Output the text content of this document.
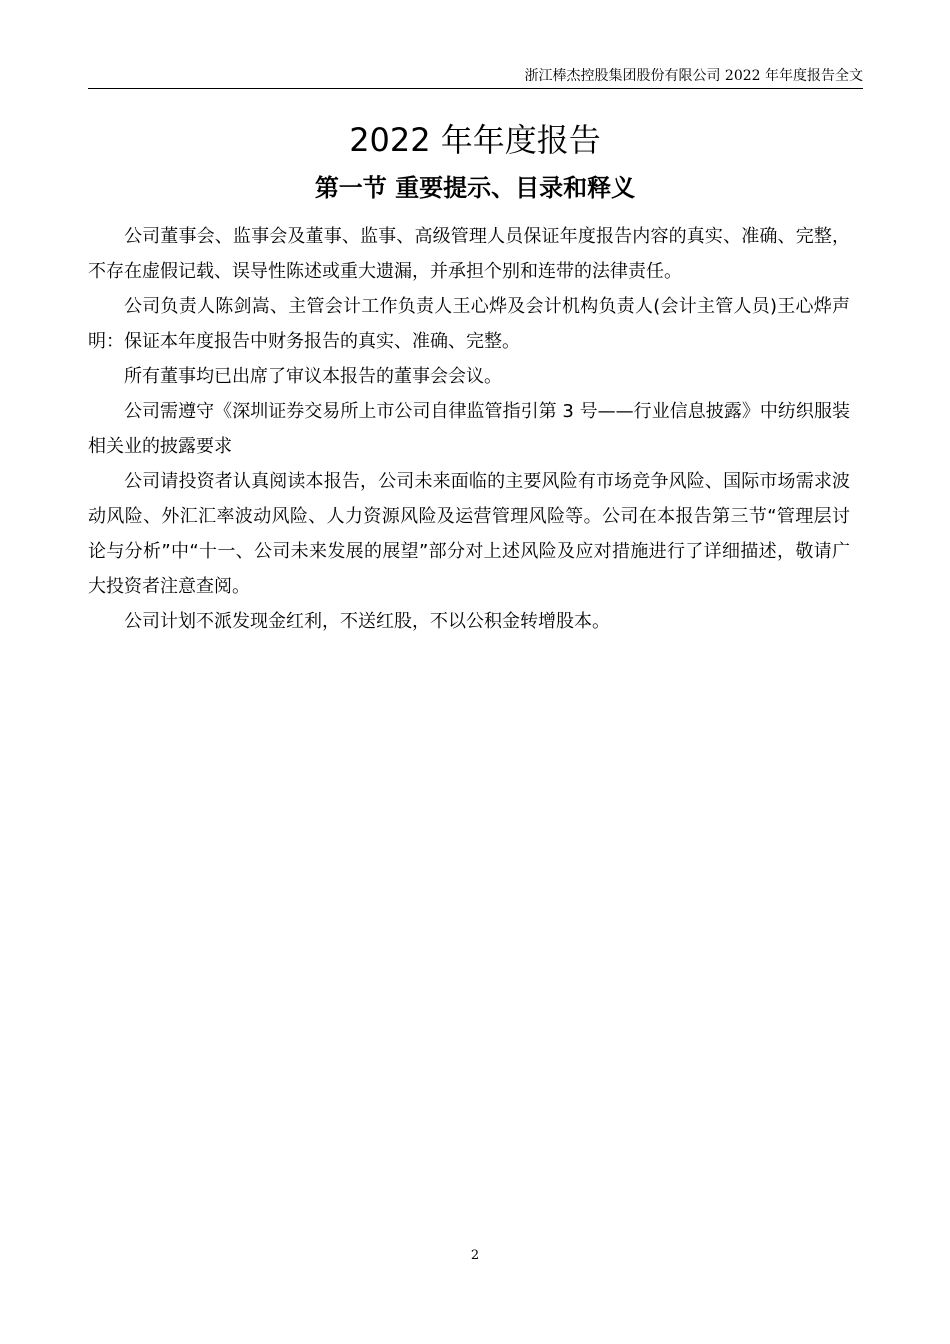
浙江棒杰控股集团股份有限公司 2022 年年度报告全文
2022 年年度报告
第一节 重要提示、目录和释义

公司董事会、监事会及董事、监事、高级管理人员保证年度报告内容的真实、准确、完整，不存在虚假记载、误导性陈述或重大遗漏，并承担个别和连带的法律责任。

公司负责人陈剑嵩、主管会计工作负责人王心烨及会计机构负责人(会计主管人员)王心烨声明：保证本年度报告中财务报告的真实、准确、完整。

所有董事均已出席了审议本报告的董事会会议。

公司需遵守《深圳证券交易所上市公司自律监管指引第 3 号——行业信息披露》中纺织服装相关业的披露要求

公司请投资者认真阅读本报告，公司未来面临的主要风险有市场竞争风险、国际市场需求波动风险、外汇汇率波动风险、人力资源风险及运营管理风险等。公司在本报告第三节“管理层讨论与分析”中“十一、公司未来发展的展望”部分对上述风险及应对措施进行了详细描述，敬请广大投资者注意查阅。

公司计划不派发现金红利，不送红股，不以公积金转增股本。

2
